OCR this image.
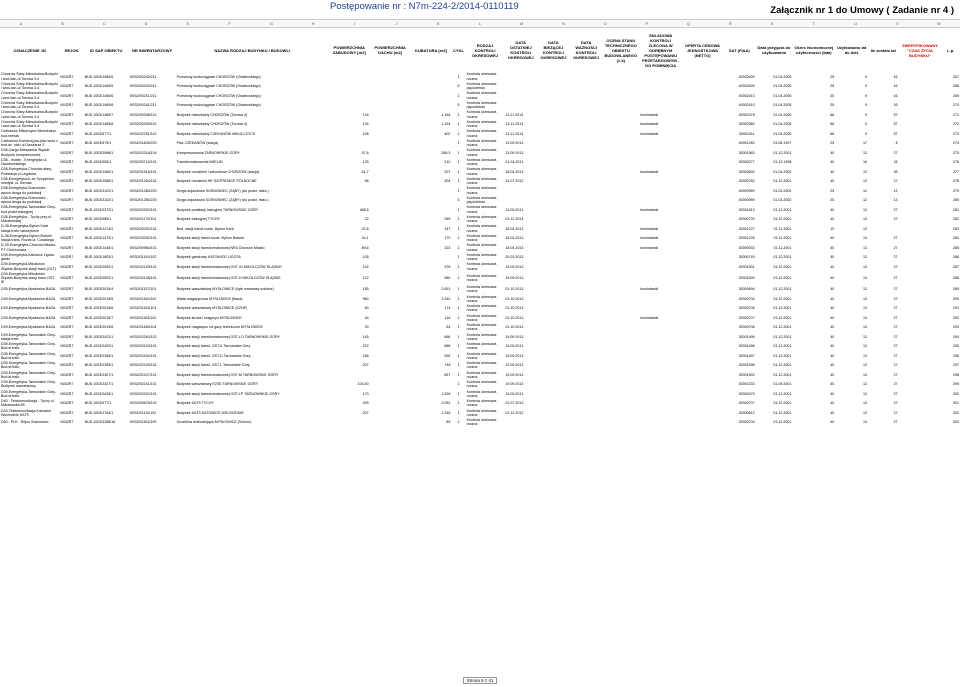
Postępowanie nr : N7m-224-2/2014-0110119	Załącznik nr 1 do Umowy ( Zadanie nr 4 )
A	B	C	D	E	F	G	H	I	J	K	L	M	N	O	P	Q	R	S	T	U	V	W
OZNACZENIE JN	REJON	ID SAP OBIEKTU	NR INWENTARZOWY	NAZWA RODZAJ BUDYNKU / BUDOWLI	POWIERZCHNIA ZABUDOWY [m2]	POWIERZCHNIA DACHU [m2]	KUBATURA [m3]	CYKL	RODZAJ KONTROLI OKRESOWEJ	DATA OSTATNIEJ KONTROLI OKRESOWEJ	DATA BIEŻĄCEJ KONTROLI OKRESOWEJ	DATA WAŻNOŚCI KONTROLI OKRESOWEJ	OCENA STANU TECHNICZNEGO OBIEKTU BUDOWLANEGO (1-6)	SKŁADOWA KONTROLI ZLECONA W ODRĘBNYM POSTĘPOWANIU PRZETARGOWYM - DO POMINIĘCIA	OFERTA CENOWA JEDNOSTKOWA (NETTO)	SAT (FIAA)	Data przyjęcia do użytkowania	Okres ekonomicznej użyteczności (lata)	Użytkowano lat do dziś	Ile zostało lat	ZWERYFIKOWANY "CZAS ŻYCIA BUDYNKU"	L.p.
Chorzów Stary-Mieszkalna-Budynki i wod-kan-ul.Torowa 3-4	N032R7	BUD 1003/1465/5	9/032/00240/211	Przewody wodociągowe CHORZÓW (Oświecskiego)				1	Kontrola okresowa roczna							40002409	01.04.2005	25	9	16		267
Chorzów Stary-Mieszkalna-Budynki i wod-kan-ul.Torowa 3-4	N032R7	BUD 1003/1465/5	9/032/00240/211	Przewody wodociągowe CHORZÓW (Oświecskiego)				5	Kontrola okresowa pięcioletnia							40002409	01.04.2005	25	9	16		268
Chorzów Stary-Mieszkalna-Budynki i wod-kan-ul.Torowa 3-4	N032R7	BUD 1003/1465/6	9/032/00241/211	Przewody wodociągowe CHORZÓW (Oświecskiego)				1	Kontrola okresowa roczna							40002410	01.04.2005	25	9	16		269
Chorzów Stary-Mieszkalna-Budynki i wod-kan-ul.Torowa 3-4	N032R7	BUD 1003/1465/6	9/032/00241/211	Przewody wodociągowe CHORZÓW (Oświecskiego)				5	Kontrola okresowa pięcioletnia							40002410	01.04.2005	25	9	16		270
Chorzów Stary-Mieszkalna-Budynki i wod-kan-ul.Torowa 3-4	N032R7	BUD 1003/1465/7	9/032/00338/110	Budynek mieszkalny CHORZÓW (Torowa 3)	134		1.154	1	Kontrola okresowa roczna	13.11.2013				kominiarski		30002378	01.04.2005	66	9	57		271
Chorzów Stary-Mieszkalna-Budynki i wod-kan-ul.Torowa 3-4	N032R7	BUD 1003/1465/8	9/032/00339/110	Budynek mieszkalny CHORZÓW (Torowa 4)	134		1.154	1	Kontrola okresowa roczna	13.11.2013				kominiarski		30002382	01.04.2005	66	9	57		272
Czekanów Mikulczyce-Mieszkalna-bud.mieszk	N032R7	BUD 1003/577/1	9/032/02781/110	Budynek mieszkalny CZEKANÓW MIKULCZYCE	108		402	1	Kontrola okresowa roczna	13.11.2013				kominiarski		30001911	01.04.2005	66	9	57		273
Czekanów-Komenzyjna-plac wraz z bud.dz. nich-ul.Owczarze 2	N032R7	BUD 1003/579/1	9/032/01826/220	Plac CZEKANÓW (stacja)				1	Kontrola okresowa roczna	13.09.2013						40001283	01.06.1997	25	17	8		274
D36-Cargo-Mieszanka Śląskie Budynek kompresorowni	N032R7	BUD 1003/2598/1	9/032/02316/104	Kompresorownia TARNOWSKIE GÓRY	57,6		288,3	1	Kontrola okresowa roczna	13.09.2013						30001563	01.12.2001	40	13	27		275
D38 - Imielin - Energetyka ul. Dworkowskiego	N032R7	BUD 1003/955/1	9/032/00715/101	Transformatorownia IMIELIN	125		310	1	Kontrola okresowa roczna	01.04.2013						30000377	01.12.1998	40	16	24		276
D38-Energetyka-Chorzów stary-Podstacja ul.Legnicka	N032R7	BUD 1003/1460/1	9/032/01616/101	Budynek rozdzielni i sztroników CHORZÓW (stacja)	61,7		207	1	Kontrola okresowa roczna	18.04.2013				kominiarski		30000832	01.04.2002	40	12	28		277
D38-Energetyka-K-ce Szopienice, miedyst. ul. Bernsa	N032R7	BUD 1003/1586/1	9/032/01264/101	Budynek rozdzielni HE SZOPIENICE PÓŁNOCNE	66		304	1	Kontrola okresowa roczna	14.07.2012						30000782	01.12.2001	40	13	27		278
D38-Energetyka-Sosnowiec - apson-droga do podstacji	N032R7	BUD 1003/3102/1	9/032/01280/220	Droga dojazdowa SOSNOWIEC (ZĄBY) (do podst. trakc.)				1	Kontrola okresowa roczna							40000959	01.03.2002	25	12	13		279
D38-Energetyka-Sosnowiec - apson-droga do podstacji	N032R7	BUD 1003/3102/1	9/032/01280/220	Droga dojazdowa SOSNOWIEC (ZĄBY) (do podst. trakc.)				5	Kontrola okresowa pięcioletnia							40000959	01.03.2002	25	12	13		280
D38-Energetyka-Tarnowskie Góry-bud.podst.trakcyjnej	N032R7	BUD 1003/2372/1	9/032/02262/101	Budynek podstacji trakcyjnej TARNOWSKIE GÓRY	468,5			1	Kontrola okresowa roczna	13.09.2013				kominiarski		30001513	01.12.2001	40	13	27		281
D38-Energetyka - Tychy przy ul. Mikołowskiej	N032R7	BUD 1003/985/1	9/032/01179/101	Budynek trakcyjnej TYCHY	22		269	1	Kontrola okresowa roczna	01.12.2014						30000720	01.12.2001	40	13	27		282
D-38-Energetyka-Bytom Karb stacja trafo miedzytorze	N032R7	BUD 1003/1474/2	9/032/02032/101	Bud. stacji transf.rozdz. Bytom Karb	22,6		147	1	Kontrola okresowa roczna	18.04.2013				kominiarski		30001227	01.11.2001	10	13			283
D-38-Energetyka-Bytom Bobrek stacja trans. Rozdz.ul. Czackiego	N032R7	BUD 1003/1472/1	9/032/02032/101	Budynek stacji transf.rozdz. Bytom Bobrek	44,1		170	1	Kontrola okresowa roczna	18.04.2013				kominiarski		30001226	01.11.2001	40	13	27		284
D-39-Energetyka-Chorzów Miasto-PT Chorzowska	N032R7	BUD 1003/1445/1	9/032/00966/101	Budynek stacji transformatorowej NR3 Chorzów Miasto	89,6		323	1	Kontrola okresowa roczna	18.04.2013				kominiarski		30000533	01.11.2001	40	13	27		285
D39-Energetyka-Katowice Ligota- garaż	N032R7	BUD 1003/1803/1	9/032/01191/102	Budynek garażowy KATOWICE LIGOTA	105			1	Kontrola okresowa roczna	20.03.2013						30000749	01.12.2001	40	13	27		286
D39-Energetyka-Mikołczów Śląskie-Budynek stacji trans.(OLT)	N032R7	BUD 1003/2592/1	9/032/02149/101	Budynek stacji transformatorowej OST IG MIKOŁCZÓW ŚLĄSKIE	102		378	1	Kontrola okresowa roczna	19.09.2013						30001501	01.12.2001	40	13	27		287
D39-Energetyka-Mikołczów Śląskie-Budynek stacji trans.OST-IE	N032R7	BUD 1003/2592/1	9/032/02148/101	Budynek stacji transformatorowej OST-H MIKOŁCZÓW ŚLĄSKIE	122		580	1	Kontrola okresowa roczna	19.09.2013						30001500	01.12.2001	40	13	27		288
D39-Energetyka-Mysłowice-BAZA	N032R7	BUD 1003/2015/4	9/032/01157/101	Budynek warsztatowy MYSŁOWICE (byłe warsztaty szkolne)	155		2.651	1	Kontrola okresowa roczna	01.10.2013				kominiarski		30000694	01.12.2001	40	13	27		289
D39-Energetyka-Mysłowice-BAZA	N032R7	BUD 1003/2015/5	9/032/01162/102	Wiata magazynowa MYSŁOWICE (Baza)	960		2.240	1	Kontrola okresowa roczna	01.10.2013						30000704	01.12.2001	40	13	27		290
D39-Energetyka-Mysłowice-BAZA	N032R7	BUD 1003/2015/6	9/032/01163/101	Budynek warsztatowy MYSŁOWICE (EZNP)	60		174	1	Kontrola okresowa roczna	01.10.2013						30000706	01.12.2001	40	13	27		291
D39-Energetyka-Mysłowice-BAZA	N032R7	BUD 1003/2015/7	9/032/01164/102	Budynek stróża i magazyn MYSŁOWICE	44		116	1	Kontrola okresowa roczna	01.10.2013				kominiarski		30000707	01.12.2001	40	13	27		292
D39-Energetyka-Mysłowice-BAZA	N032R7	BUD 1003/2015/8	9/032/01165/104	Budynek magazynu na gazy techniczne MYSŁOWICE	30		64	1	Kontrola okresowa roczna	01.10.2013						30000708	01.12.2001	40	13	27		293
D39-Energetyka-Tarnowskie Góry-stacja trafo	N032R7	BUD 1003/2422/1	9/032/02240/102	Budynek stacji transformatorowej OST-LO TARNOWSKIE GÓRY	145		666	1	Kontrola okresowa roczna	19.09.2013						30001499	01.12.2001	40	13	27		294
D39-Energetyka-Tarnowskie Góry-Bud.st.trafo	N032R7	BUD 1003/2420/1	9/032/02243/101	Budynek stacji transf. OST-K Tarnowskie Góry	222		888	1	Kontrola okresowa roczna	19.09.2013						30001496	01.12.2001	40	13	27		295
D39-Energetyka-Tarnowskie Góry-Bud.st.trafo	N032R7	BUD 1003/2356/1	9/032/02244/101	Budynek stacji transf. OST-D Tarnowskie Góry	168		926	1	Kontrola okresowa roczna	19.09.2013						30001497	01.12.2001	40	13	27		296
D39-Energetyka-Tarnowskie Góry-Bud.st.trafo	N032R7	BUD 1003/2355/1	9/032/02245/101	Budynek stacji transf. OST-L Tarnowskie Góry	207		748	1	Kontrola okresowa roczna	19.09.2013						30001498	01.12.2001	40	13	27		297
D39-Energetyka-Tarnowskie Góry-Bud.st.trafo	N032R7	BUD 1003/2357/1	9/032/02247/101	Budynek stacji transformatorowej OST-M TARNOWSKIE GÓRY			657	1	Kontrola okresowa roczna	19.09.2013						30001502	01.12.2001	40	13	27		298
D39-Energetyka-Tarnowskie Góry-Budynek warsztatowy	N032R7	BUD 1003/2427/1	9/032/02241/101	Budynek warsztatowy EZSE TARNOWSKIE GÓRY	104,50			1	Kontrola okresowa roczna	19.09.2013						30001333	01.09.2001	40	13	27		299
D39-Energetyka-Tarnowskie Góry-Bud.st.trafo	N032R7	BUD 1003/2426/1	9/032/02242/101	Budynek stacji transformatorowej OST-LP TARNOWSKIE GÓRY	170		1.528	1	Kontrola okresowa roczna	19.09.2013						30000479	01.12.2001	40	13	27		300
D40 - Telekomunikacja - Tychy ul. Mikołowska 89	N032R7	BUD 1003/977/1	9/032/00678/102	Budynek KATS TYCHY	499		2.052	1	Kontrola okresowa roczna	01.07.2013						30000707	01.12.2001	40	13	27		301
D43-Telekomunikacja-Katowice Wschodnie KATS	N032R7	BUD 1003/1764/1	9/032/01110/102	Budynek KATS KATOWICE WSCHODNIE	207		1.245	1	Kontrola okresowa roczna	01.12.2012						30000612	01.12.2001	40	13	27		302
D50 - PLK - Rejon Sosnowiec	N032R7	BUD 1003/3398/16	9/032/01161/109	Szczelina wolnostojąca MYSŁOWICE (Schron)			89	1	Kontrola okresowa roczna							30000704	01.12.2001	40	13	27		303
Strona 8 z 41
